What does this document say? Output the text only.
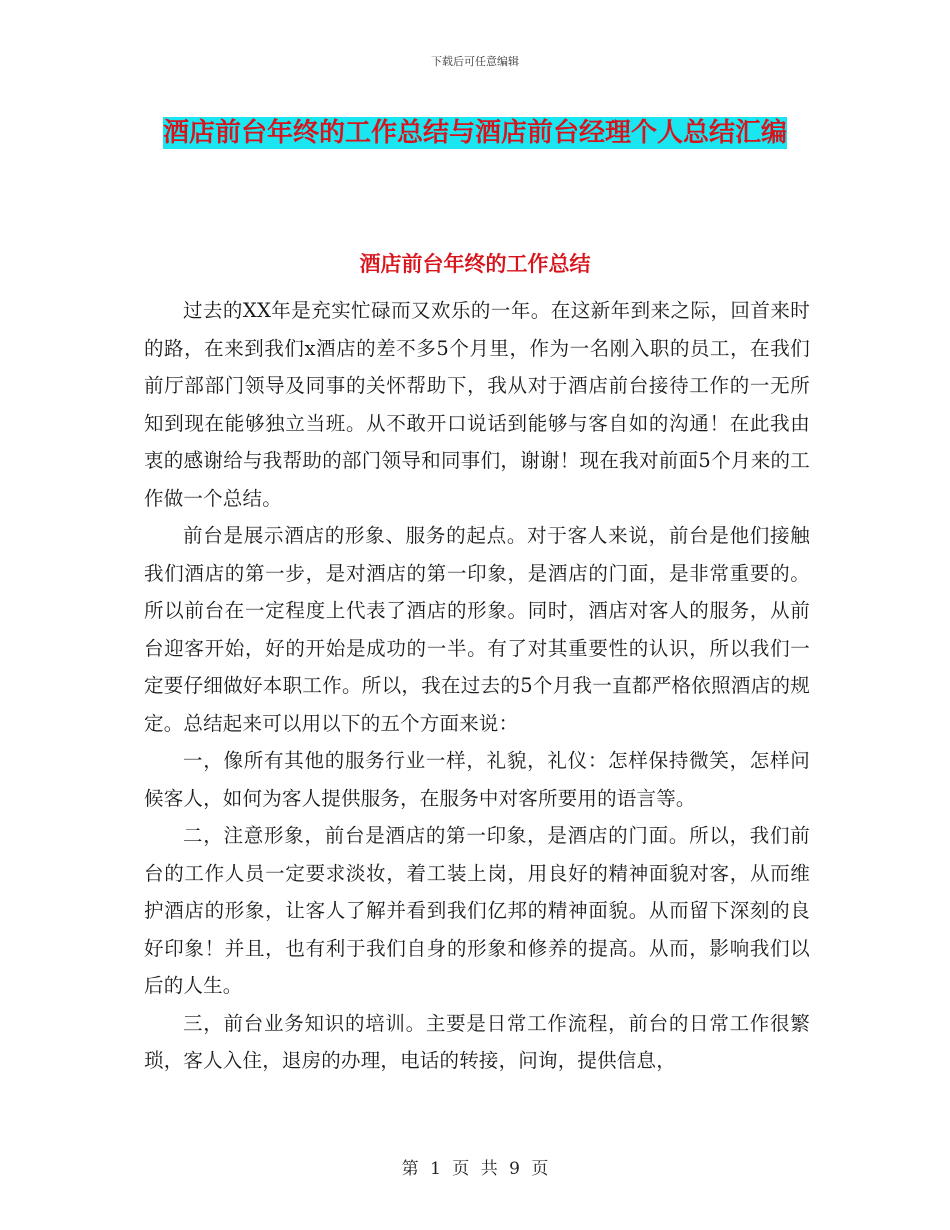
下载后可任意编辑
酒店前台年终的工作总结与酒店前台经理个人总结汇编
酒店前台年终的工作总结

过去的XX年是充实忙碌而又欢乐的一年。在这新年到来之际，回首来时的路，在来到我们x酒店的差不多5个月里，作为一名刚入职的员工，在我们前厅部部门领导及同事的关怀帮助下，我从对于酒店前台接待工作的一无所知到现在能够独立当班。从不敢开口说话到能够与客自如的沟通！在此我由衷的感谢给与我帮助的部门领导和同事们，谢谢！现在我对前面5个月来的工作做一个总结。

前台是展示酒店的形象、服务的起点。对于客人来说，前台是他们接触我们酒店的第一步，是对酒店的第一印象，是酒店的门面，是非常重要的。所以前台在一定程度上代表了酒店的形象。同时，酒店对客人的服务，从前台迎客开始，好的开始是成功的一半。有了对其重要性的认识，所以我们一定要仔细做好本职工作。所以，我在过去的5个月我一直都严格依照酒店的规定。总结起来可以用以下的五个方面来说：

一，像所有其他的服务行业一样，礼貌，礼仪：怎样保持微笑，怎样问候客人，如何为客人提供服务，在服务中对客所要用的语言等。

二，注意形象，前台是酒店的第一印象，是酒店的门面。所以，我们前台的工作人员一定要求淡妆，着工装上岗，用良好的精神面貌对客，从而维护酒店的形象，让客人了解并看到我们亿邦的精神面貌。从而留下深刻的良好印象！并且，也有利于我们自身的形象和修养的提高。从而，影响我们以后的人生。

三，前台业务知识的培训。主要是日常工作流程，前台的日常工作很繁琐，客人入住，退房的办理，电话的转接，问询，提供信息，

第 1 页 共 9 页
